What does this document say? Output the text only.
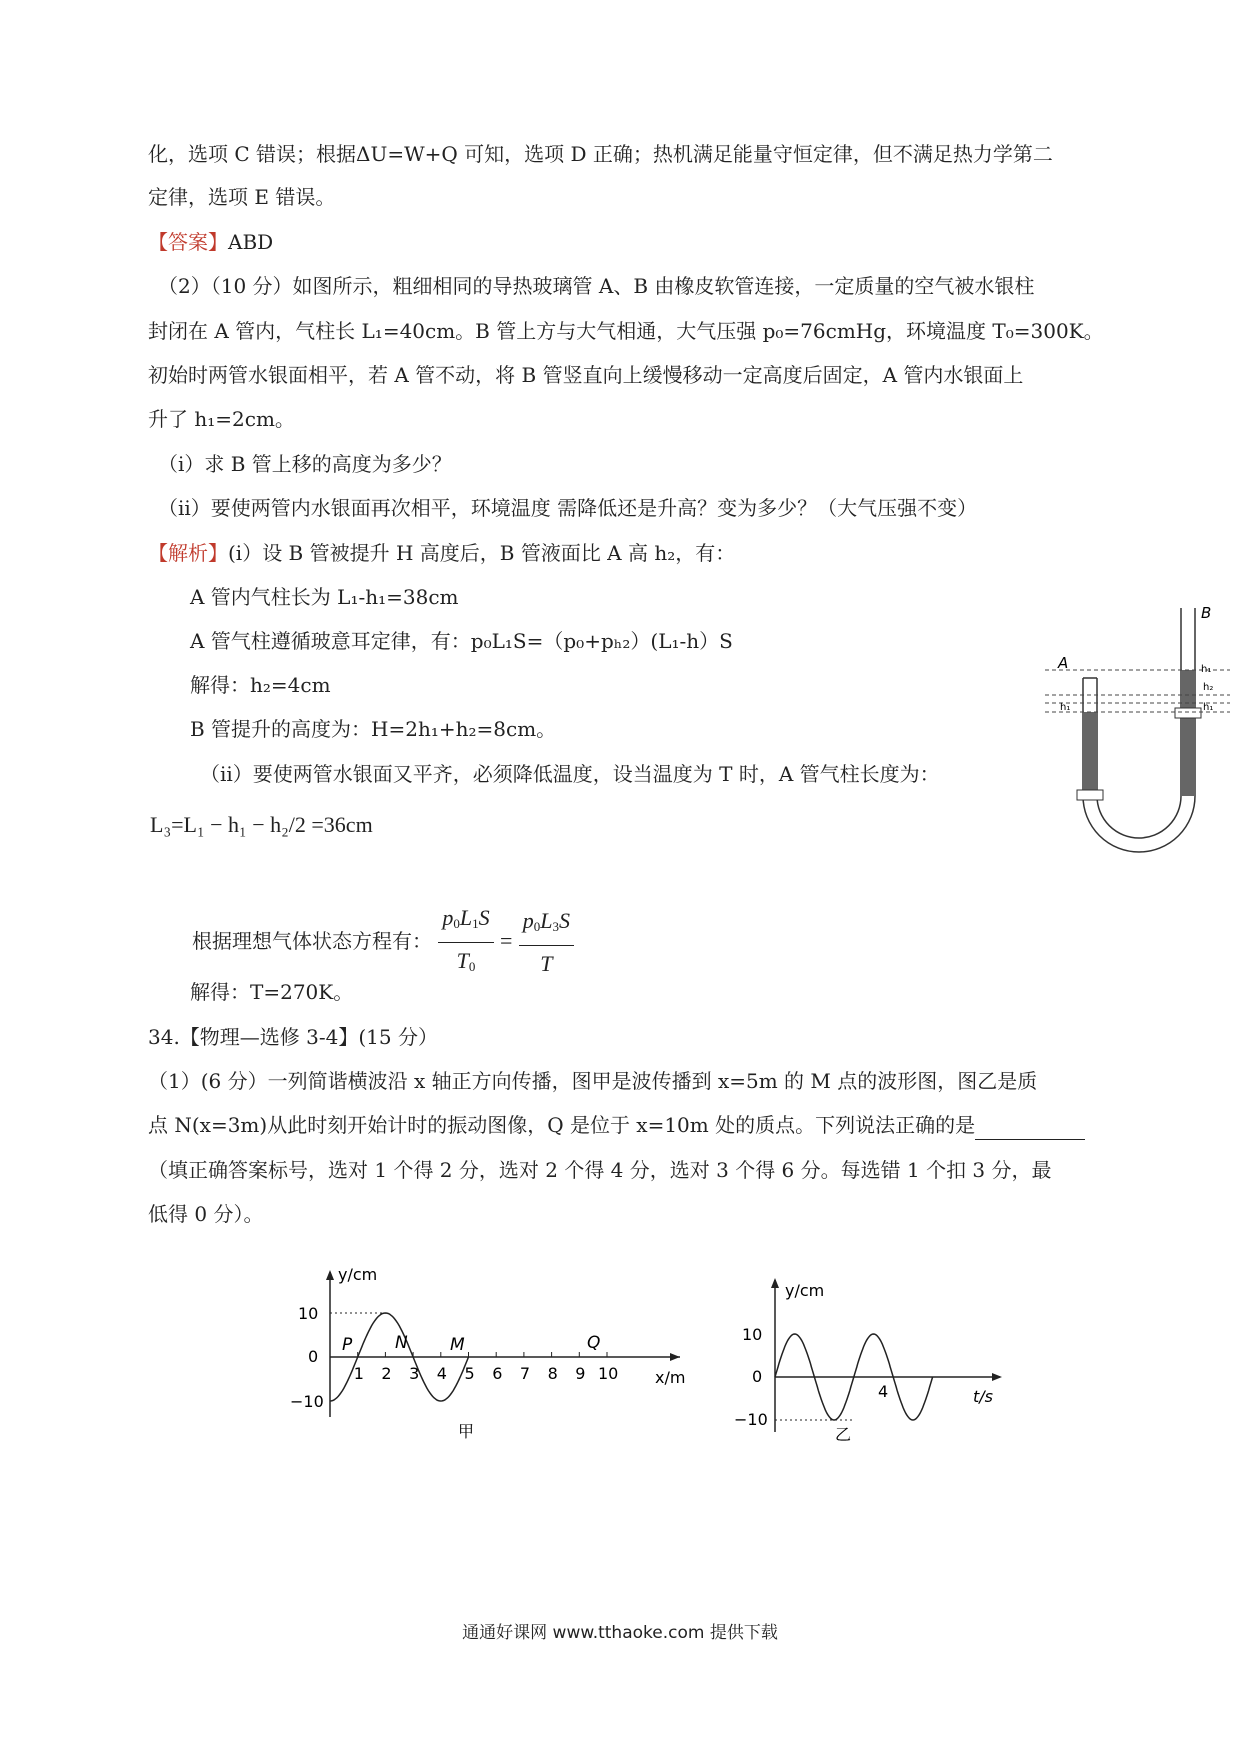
化，选项 C 错误；根据ΔU=W+Q 可知，选项 D 正确；热机满足能量守恒定律，但不满足热力学第二
定律，选项 E 错误。
【答案】ABD
（2）（10 分）如图所示，粗细相同的导热玻璃管 A、B 由橡皮软管连接，一定质量的空气被水银柱
封闭在 A 管内，气柱长 L₁=40cm。B 管上方与大气相通，大气压强 p₀=76cmHg，环境温度 T₀=300K。
初始时两管水银面相平，若 A 管不动，将 B 管竖直向上缓慢移动一定高度后固定，A 管内水银面上
升了 h₁=2cm。
（i）求 B 管上移的高度为多少？
（ii）要使两管内水银面再次相平，环境温度 需降低还是升高？变为多少？（大气压强不变）
【解析】(i）设 B 管被提升 H 高度后，B 管液面比 A 高 h₂，有：
A 管内气柱长为 L₁-h₁=38cm
A 管气柱遵循玻意耳定律，有：p₀L₁S=（p₀+pₕ₂）(L₁-h）S
解得：h₂=4cm
B 管提升的高度为：H=2h₁+h₂=8cm。
（ii）要使两管水银面又平齐，必须降低温度，设当温度为 T 时，A 管气柱长度为：
L₃=L₁ − h₁ − h₂/2 =36cm
根据理想气体状态方程有： $\frac{p_0L_1S}{T_0} = \frac{p_0L_3S}{T}$
解得：T=270K。
34.【物理—选修 3-4】(15 分）
（1）(6 分）一列简谐横波沿 x 轴正方向传播，图甲是波传播到 x=5m 的 M 点的波形图，图乙是质
点 N(x=3m)从此时刻开始计时的振动图像，Q 是位于 x=10m 处的质点。下列说法正确的是
（填正确答案标号，选对 1 个得 2 分，选对 2 个得 4 分，选对 3 个得 6 分。每选错 1 个扣 3 分，最
低得 0 分）。
A
B
h₁
h₂
h₁
h₁
y/cm
x/m
10
0
−10
1 2 3 4 5 6 7 8 9 10
P	N M	Q
甲
y/cm
t/s
10
0
−10
4
乙
通通好课网 www.tthaoke.com 提供下载
